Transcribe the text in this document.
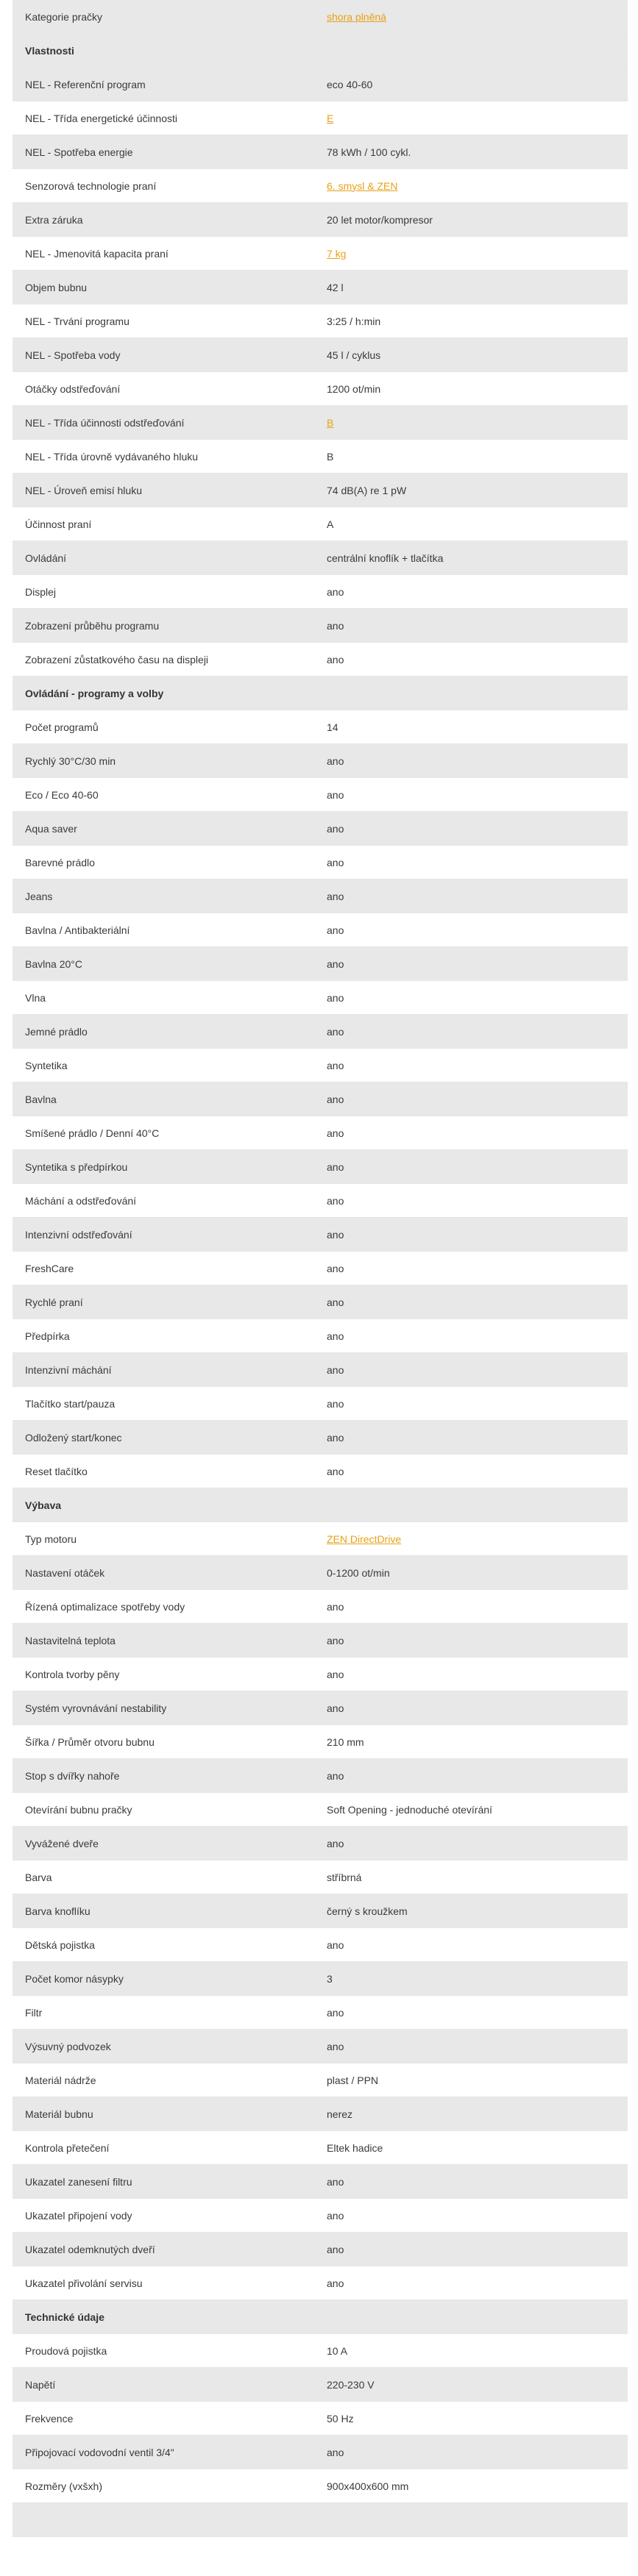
Kategorie pračky	shora plněná
Vlastnosti
NEL - Referenční program	eco 40-60
NEL - Třída energetické účinnosti	E
NEL - Spotřeba energie	78 kWh / 100 cykl.
Senzorová technologie praní	6. smysl & ZEN
Extra záruka	20 let motor/kompresor
NEL - Jmenovitá kapacita praní	7 kg
Objem bubnu	42 l
NEL - Trvání programu	3:25 / h:min
NEL - Spotřeba vody	45 l / cyklus
Otáčky odstřeďování	1200 ot/min
NEL - Třída účinnosti odstřeďování	B
NEL - Třída úrovně vydávaného hluku	B
NEL - Úroveň emisí hluku	74 dB(A) re 1 pW
Účinnost praní	A
Ovládání	centrální knoflík + tlačítka
Displej	ano
Zobrazení průběhu programu	ano
Zobrazení zůstatkového času na displeji	ano
Ovládání - programy a volby
Počet programů	14
Rychlý 30°C/30 min	ano
Eco / Eco 40-60	ano
Aqua saver	ano
Barevné prádlo	ano
Jeans	ano
Bavlna / Antibakteriální	ano
Bavlna 20°C	ano
Vlna	ano
Jemné prádlo	ano
Syntetika	ano
Bavlna	ano
Smíšené prádlo / Denní 40°C	ano
Syntetika s předpírkou	ano
Máchání a odstřeďování	ano
Intenzivní odstřeďování	ano
FreshCare	ano
Rychlé praní	ano
Předpírka	ano
Intenzivní máchání	ano
Tlačítko start/pauza	ano
Odložený start/konec	ano
Reset tlačítko	ano
Výbava
Typ motoru	ZEN DirectDrive
Nastavení otáček	0-1200 ot/min
Řízená optimalizace spotřeby vody	ano
Nastavitelná teplota	ano
Kontrola tvorby pěny	ano
Systém vyrovnávání nestability	ano
Šířka / Průměr otvoru bubnu	210 mm
Stop s dvířky nahoře	ano
Otevírání bubnu pračky	Soft Opening - jednoduché otevírání
Vyvážené dveře	ano
Barva	stříbrná
Barva knoflíku	černý s kroužkem
Dětská pojistka	ano
Počet komor násypky	3
Filtr	ano
Výsuvný podvozek	ano
Materiál nádrže	plast / PPN
Materiál bubnu	nerez
Kontrola přetečení	Eltek hadice
Ukazatel zanesení filtru	ano
Ukazatel připojení vody	ano
Ukazatel odemknutých dveří	ano
Ukazatel přivolání servisu	ano
Technické údaje
Proudová pojistka	10 A
Napětí	220-230 V
Frekvence	50 Hz
Připojovací vodovodní ventil 3/4"	ano
Rozměry (vxšxh)	900x400x600 mm
